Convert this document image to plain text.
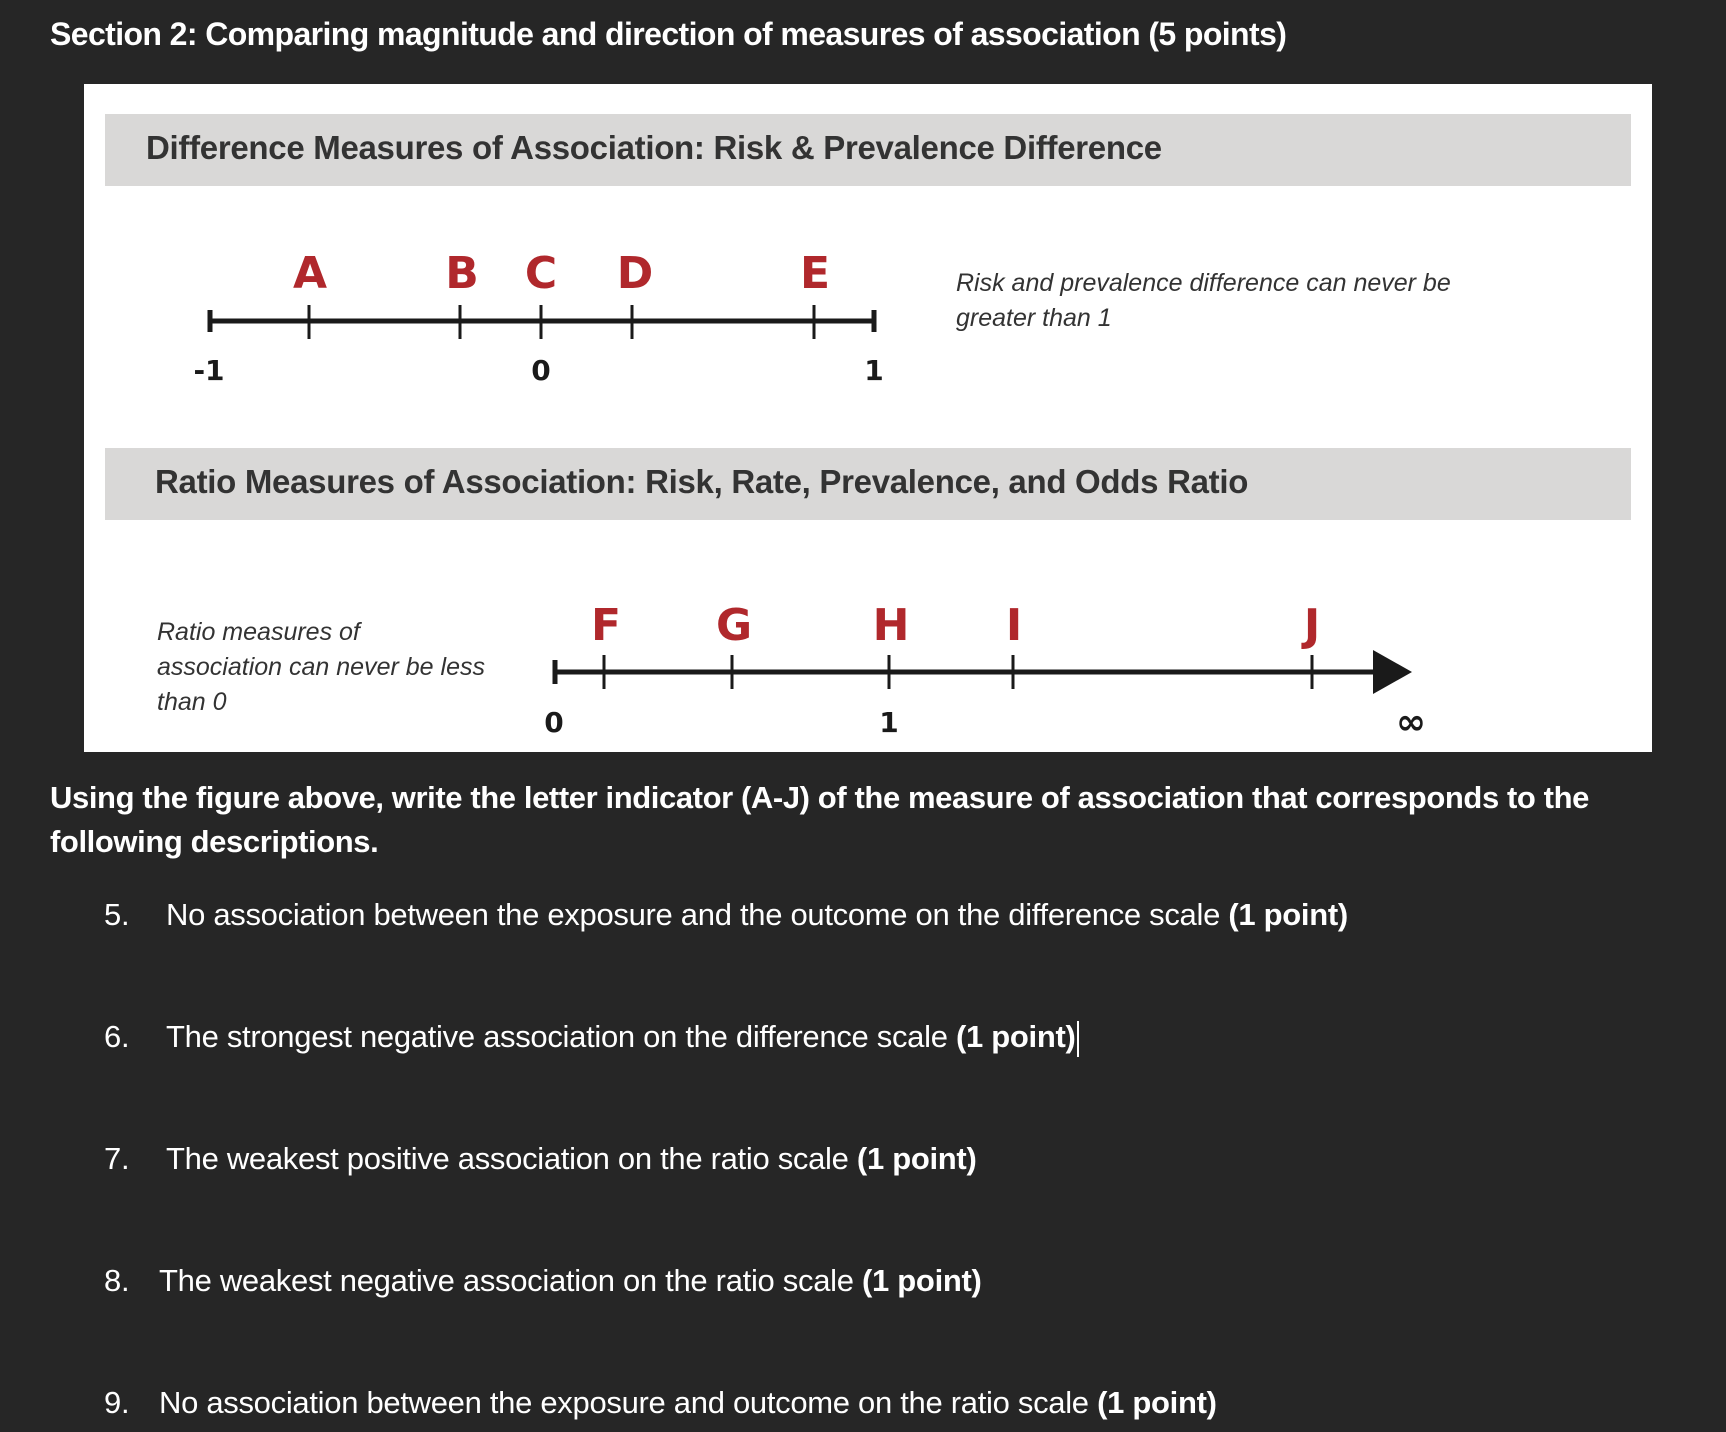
Section 2: Comparing magnitude and direction of measures of association (5 points)
Difference Measures of Association: Risk & Prevalence Difference
A	B C D	E
-1	0	1
F G	H I	J
0	1	∞
Risk and prevalence difference can never be greater than 1
Ratio Measures of Association: Risk, Rate, Prevalence, and Odds Ratio
Ratio measures of association can never be less than 0
Using the figure above, write the letter indicator (A-J) of the measure of association that corresponds to the following descriptions.
5. No association between the exposure and the outcome on the difference scale (1 point)
6. The strongest negative association on the difference scale (1 point)
7. The weakest positive association on the ratio scale (1 point)
8. The weakest negative association on the ratio scale (1 point)
9. No association between the exposure and outcome on the ratio scale (1 point)
